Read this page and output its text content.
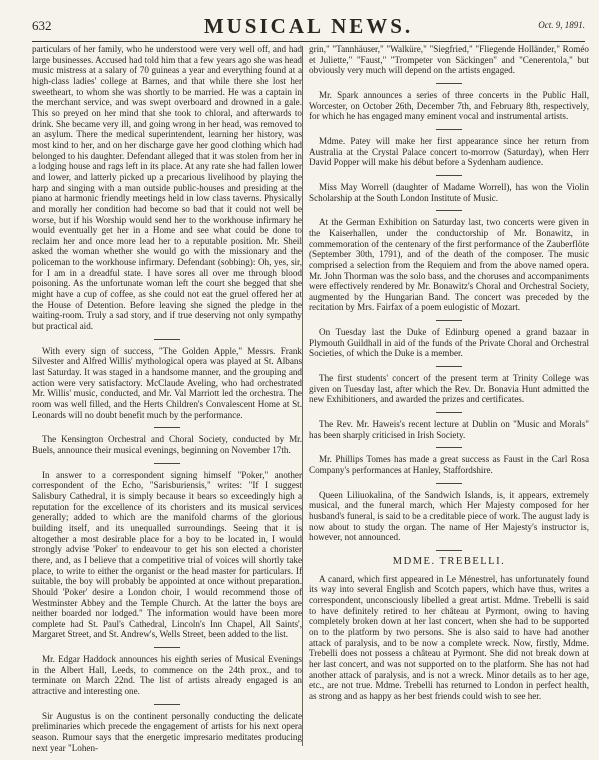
632	MUSICAL NEWS.	Oct. 9, 1891.

particulars of her family, who he understood were very well off, and had large businesses. Accused had told him that a few years ago she was head music mistress at a salary of 70 guineas a year and everything found at a high-class ladies' college at Barnes, and that while there she lost her sweetheart, to whom she was shortly to be married. He was a captain in the merchant service, and was swept overboard and drowned in a gale. This so preyed on her mind that she took to chloral, and afterwards to drink. She became very ill, and going wrong in her head, was removed to an asylum. There the medical superintendent, learning her history, was most kind to her, and on her discharge gave her good clothing which had belonged to his daughter. Defendant alleged that it was stolen from her in a lodging house and rags left in its place. At any rate she had fallen lower and lower, and latterly picked up a precarious livelihood by playing the harp and singing with a man outside public-houses and presiding at the piano at harmonic friendly meetings held in low class taverns. Physically and morally her condition had become so bad that it could not well be worse, but if his Worship would send her to the workhouse infirmary he would eventually get her in a Home and see what could be done to reclaim her and once more lead her to a reputable position. Mr. Sheil asked the woman whether she would go with the missionary and the policeman to the workhouse infirmary. Defendant (sobbing): Oh, yes, sir, for I am in a dreadful state. I have sores all over me through blood poisoning. As the unfortunate woman left the court she begged that she might have a cup of coffee, as she could not eat the gruel offered her at the House of Detention. Before leaving she signed the pledge in the waiting-room. Truly a sad story, and if true deserving not only sympathy but practical aid.

With every sign of success, "The Golden Apple," Messrs. Frank Silvester and Alfred Willis' mythological opera was played at St. Albans last Saturday. It was staged in a handsome manner, and the grouping and action were very satisfactory. McClaude Aveling, who had orchestrated Mr. Willis' music, conducted, and Mr. Val Marriott led the orchestra. The room was well filled, and the Herts Children's Convalescent Home at St. Leonards will no doubt benefit much by the performance.

The Kensington Orchestral and Choral Society, conducted by Mr. Buels, announce their musical evenings, beginning on November 17th.

In answer to a correspondent signing himself "Poker," another correspondent of the Echo, "Sarisburiensis," writes: "If I suggest Salisbury Cathedral, it is simply because it bears so exceedingly high a reputation for the excellence of its choristers and its musical services generally; added to which are the manifold charms of the glorious building itself, and its unequalled surroundings. Seeing that it is altogether a most desirable place for a boy to be located in, I would strongly advise 'Poker' to endeavour to get his son elected a chorister there, and, as I believe that a competitive trial of voices will shortly take place, to write to either the organist or the head master for particulars. If suitable, the boy will probably be appointed at once without preparation. Should 'Poker' desire a London choir, I would recommend those of Westminster Abbey and the Temple Church. At the latter the boys are neither boarded nor lodged." The information would have been more complete had St. Paul's Cathedral, Lincoln's Inn Chapel, All Saints', Margaret Street, and St. Andrew's, Wells Street, been added to the list.

Mr. Edgar Haddock announces his eighth series of Musical Evenings in the Albert Hall, Leeds, to commence on the 24th prox., and to terminate on March 22nd. The list of artists already engaged is an attractive and interesting one.

Sir Augustus is on the continent personally conducting the delicate preliminaries which precede the engagement of artists for his next opera season. Rumour says that the energetic impresario meditates producing next year "Lohen-

grin," "Tannhäuser," "Walküre," "Siegfried," "Fliegende Holländer," Roméo et Juliette," "Faust," "Trompeter von Säckingen" and "Cenerentola," but obviously very much will depend on the artists engaged.

Mr. Spark announces a series of three concerts in the Public Hall, Worcester, on October 26th, December 7th, and February 8th, respectively, for which he has engaged many eminent vocal and instrumental artists.

Mdme. Patey will make her first appearance since her return from Australia at the Crystal Palace concert to-morrow (Saturday), when Herr David Popper will make his début before a Sydenham audience.

Miss May Worrell (daughter of Madame Worrell), has won the Violin Scholarship at the South London Institute of Music.

At the German Exhibition on Saturday last, two concerts were given in the Kaiserhallen, under the conductorship of Mr. Bonawitz, in commemoration of the centenary of the first performance of the Zauberflöte (September 30th, 1791), and of the death of the composer. The music comprised a selection from the Requiem and from the above named opera. Mr. John Thorman was the solo bass, and the choruses and accompaniments were effectively rendered by Mr. Bonawitz's Choral and Orchestral Society, augmented by the Hungarian Band. The concert was preceded by the recitation by Mrs. Fairfax of a poem eulogistic of Mozart.

On Tuesday last the Duke of Edinburg opened a grand bazaar in Plymouth Guildhall in aid of the funds of the Private Choral and Orchestral Societies, of which the Duke is a member.

The first students' concert of the present term at Trinity College was given on Tuesday last, after which the Rev. Dr. Bonavia Hunt admitted the new Exhibitioners, and awarded the prizes and certificates.

The Rev. Mr. Haweis's recent lecture at Dublin on "Music and Morals" has been sharply criticised in Irish Society.

Mr. Phillips Tomes has made a great success as Faust in the Carl Rosa Company's performances at Hanley, Staffordshire.

Queen Liliuokalina, of the Sandwich Islands, is, it appears, extremely musical, and the funeral march, which Her Majesty composed for her husband's funeral, is said to be a creditable piece of work. The august lady is now about to study the organ. The name of Her Majesty's instructor is, however, not announced.

MDME. TREBELLI.

A canard, which first appeared in Le Ménestrel, has unfortunately found its way into several English and Scotch papers, which have thus, writes a correspondent, unconsciously libelled a great artist. Mdme. Trebelli is said to have definitely retired to her château at Pyrmont, owing to having completely broken down at her last concert, when she had to be supported on to the platform by two persons. She is also said to have had another attack of paralysis, and to be now a complete wreck. Now, firstly, Mdme. Trebelli does not possess a château at Pyrmont. She did not break down at her last concert, and was not supported on to the platform. She has not had another attack of paralysis, and is not a wreck. Minor details as to her age, etc., are not true. Mdme. Trebelli has returned to London in perfect health, as strong and as happy as her best friends could wish to see her.
